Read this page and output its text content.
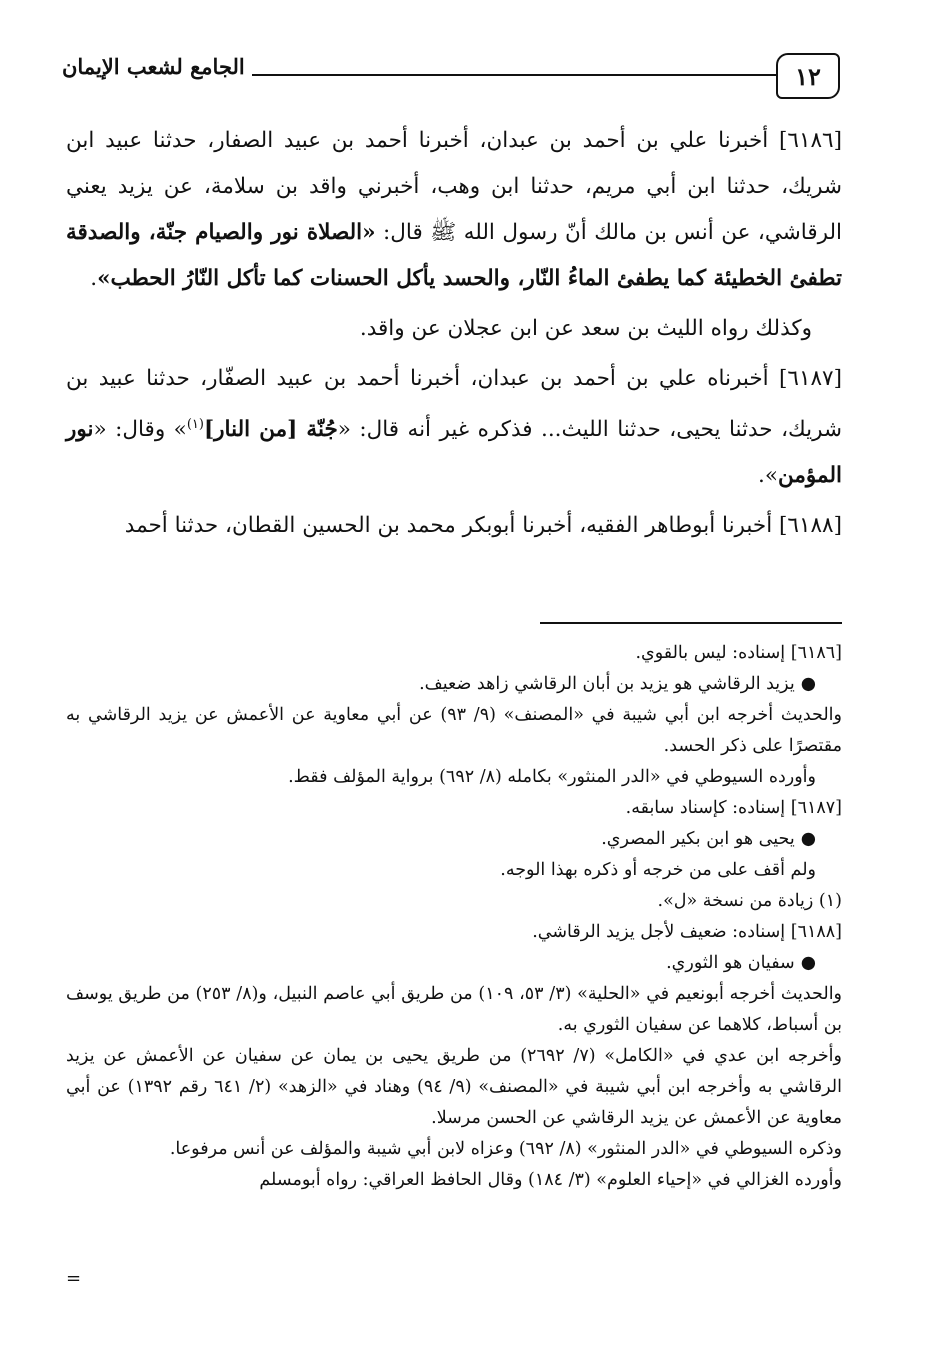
١٢
الجامع لشعب الإيمان

[٦١٨٦] أخبرنا علي بن أحمد بن عبدان، أخبرنا أحمد بن عبيد الصفار، حدثنا عبيد ابن شريك، حدثنا ابن أبي مريم، حدثنا ابن وهب، أخبرني واقد بن سلامة، عن يزيد يعني الرقاشي، عن أنس بن مالك أنّ رسول الله ﷺ قال: «الصلاة نور والصيام جنّة، والصدقة تطفئ الخطيئة كما يطفئ الماءُ النّار، والحسد يأكل الحسنات كما تأكل النّارُ الحطب».

وكذلك رواه الليث بن سعد عن ابن عجلان عن واقد.

[٦١٨٧] أخبرناه علي بن أحمد بن عبدان، أخبرنا أحمد بن عبيد الصفّار، حدثنا عبيد بن شريك، حدثنا يحيى، حدثنا الليث... فذكره غير أنه قال: «جُنّة [من النار]$^{(١)}$» وقال: «نور المؤمن».

[٦١٨٨] أخبرنا أبوطاهر الفقيه، أخبرنا أبوبكر محمد بن الحسين القطان، حدثنا أحمد

[٦١٨٦] إسناده: ليس بالقوي.

●يزيد الرقاشي هو يزيد بن أبان الرقاشي زاهد ضعيف.

والحديث أخرجه ابن أبي شيبة في «المصنف» (٩/ ٩٣) عن أبي معاوية عن الأعمش عن يزيد الرقاشي به مقتصرًا على ذكر الحسد.

وأورده السيوطي في «الدر المنثور» بكامله (٨/ ٦٩٢) برواية المؤلف فقط.

[٦١٨٧] إسناده: كإسناد سابقه.

●يحيى هو ابن بكير المصري.

ولم أقف على من خرجه أو ذكره بهذا الوجه.

(١) زيادة من نسخة «ل».

[٦١٨٨] إسناده: ضعيف لأجل يزيد الرقاشي.

●سفيان هو الثوري.

والحديث أخرجه أبونعيم في «الحلية» (٣/ ٥٣، ١٠٩) من طريق أبي عاصم النبيل، و(٨/ ٢٥٣) من طريق يوسف بن أسباط، كلاهما عن سفيان الثوري به.

وأخرجه ابن عدي في «الكامل» (٧/ ٢٦٩٢) من طريق يحيى بن يمان عن سفيان عن الأعمش عن يزيد الرقاشي به وأخرجه ابن أبي شيبة في «المصنف» (٩/ ٩٤) وهناد في «الزهد» (٢/ ٦٤١ رقم ١٣٩٢) عن أبي معاوية عن الأعمش عن يزيد الرقاشي عن الحسن مرسلا.

وذكره السيوطي في «الدر المنثور» (٨/ ٦٩٢) وعزاه لابن أبي شيبة والمؤلف عن أنس مرفوعا.

وأورده الغزالي في «إحياء العلوم» (٣/ ١٨٤) وقال الحافظ العراقي: رواه أبومسلم

=
